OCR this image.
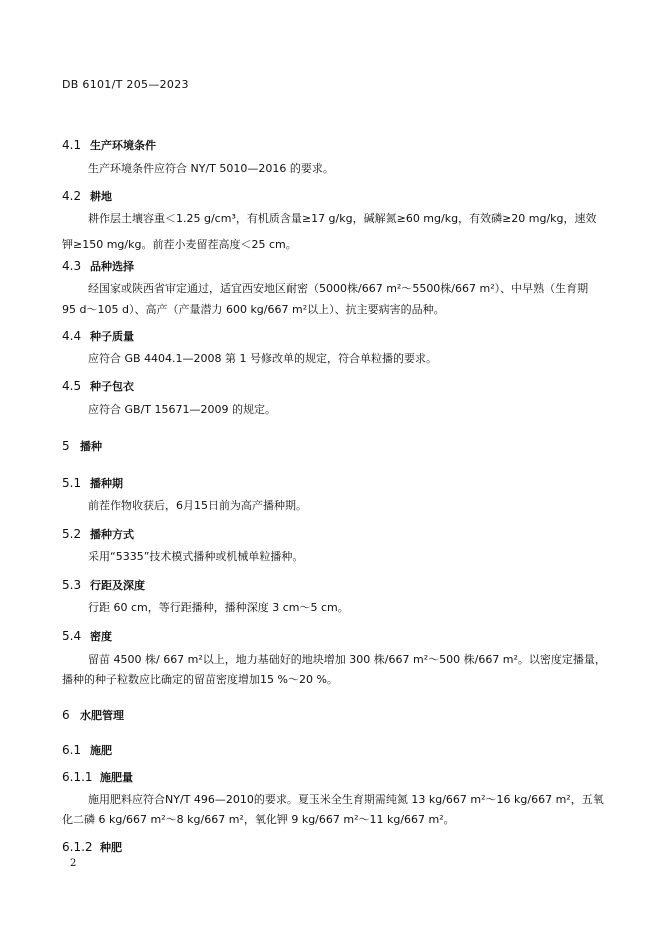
DB 6101/T 205—2023
4.1 生产环境条件
生产环境条件应符合 NY/T 5010—2016 的要求。
4.2 耕地
耕作层土壤容重＜1.25 g/cm³，有机质含量≥17 g/kg，碱解氮≥60 mg/kg，有效磷≥20 mg/kg，速效
钾≥150 mg/kg。前茬小麦留茬高度＜25 cm。
4.3 品种选择
经国家或陕西省审定通过，适宜西安地区耐密（5000株/667 m²～5500株/667 m²）、中早熟（生育期
95 d～105 d）、高产（产量潜力 600 kg/667 m²以上）、抗主要病害的品种。
4.4 种子质量
应符合 GB 4404.1—2008 第 1 号修改单的规定，符合单粒播的要求。
4.5 种子包衣
应符合 GB/T 15671—2009 的规定。
5 播种
5.1 播种期
前茬作物收获后，6月15日前为高产播种期。
5.2 播种方式
采用“5335”技术模式播种或机械单粒播种。
5.3 行距及深度
行距 60 cm，等行距播种，播种深度 3 cm～5 cm。
5.4 密度
留苗 4500 株/ 667 m²以上，地力基础好的地块增加 300 株/667 m²～500 株/667 m²。以密度定播量，
播种的种子粒数应比确定的留苗密度增加15 %～20 %。
6 水肥管理
6.1 施肥
6.1.1 施肥量
施用肥料应符合NY/T 496—2010的要求。夏玉米全生育期需纯氮 13 kg/667 m²～16 kg/667 m²，五氧
化二磷 6 kg/667 m²～8 kg/667 m²，氧化钾 9 kg/667 m²～11 kg/667 m²。
6.1.2 种肥
2
